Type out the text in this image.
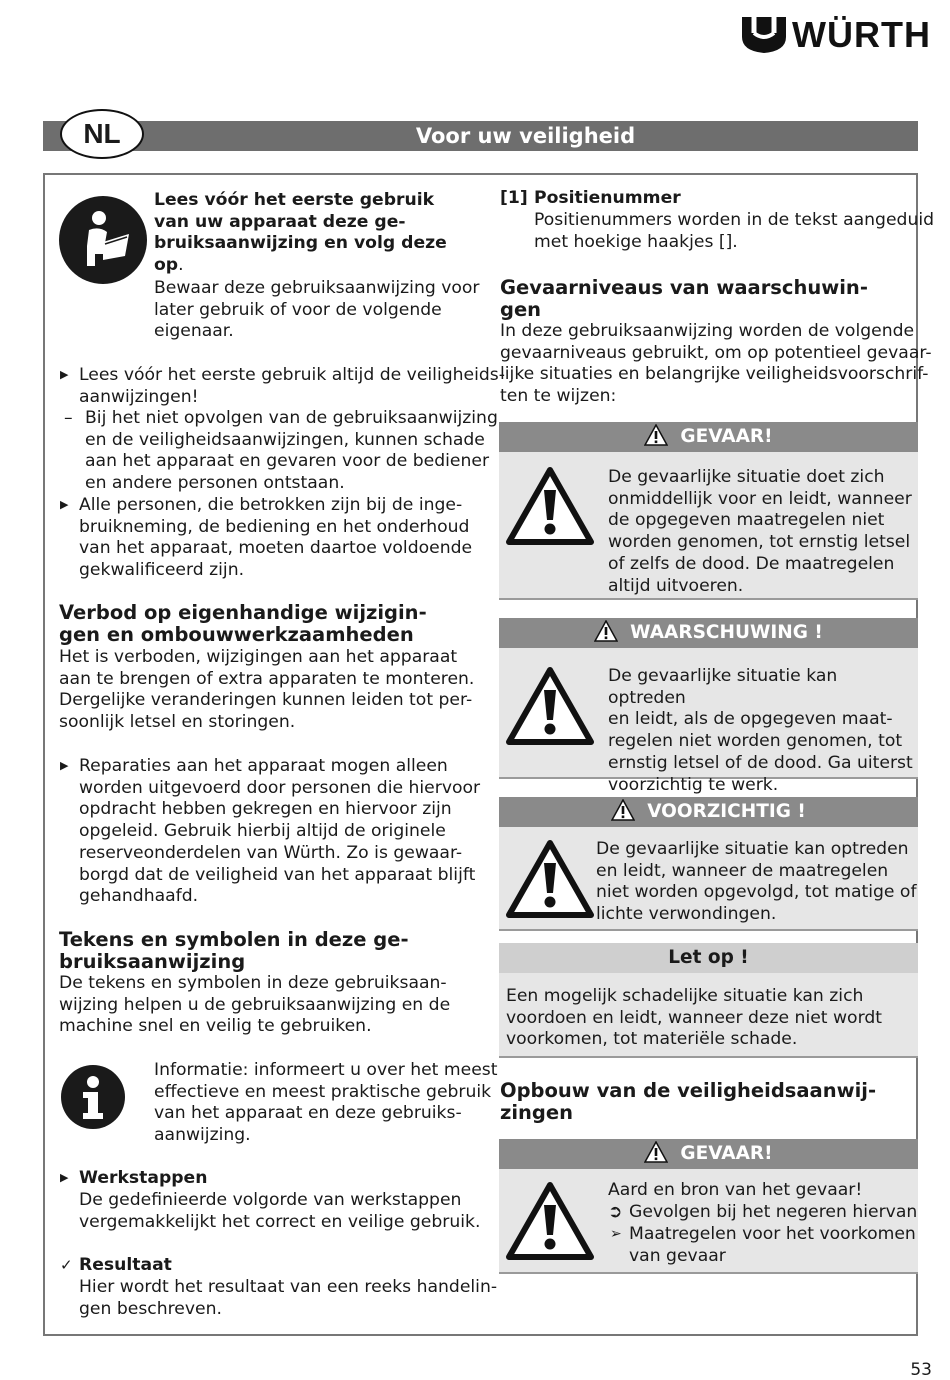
WÜRTH
Voor uw veiligheid
NL
Lees vóór het eerste gebruik
van uw apparaat deze ge-
bruiksaanwijzing en volg deze
op.
Bewaar deze gebruiksaanwijzing voor
later gebruik of voor de volgende
eigenaar.
▶ Lees vóór het eerste gebruik altijd de veiligheids-
aanwijzingen!
– Bij het niet opvolgen van de gebruiksaanwijzing
en de veiligheidsaanwijzingen, kunnen schade
aan het apparaat en gevaren voor de bediener
en andere personen ontstaan.
▶ Alle personen, die betrokken zijn bij de inge-
bruikneming, de bediening en het onderhoud
van het apparaat, moeten daartoe voldoende
gekwalificeerd zijn.
Verbod op eigenhandige wijzigin-
gen en ombouwwerkzaamheden
Het is verboden, wijzigingen aan het apparaat
aan te brengen of extra apparaten te monteren.
Dergelijke veranderingen kunnen leiden tot per-
soonlijk letsel en storingen.
▶ Reparaties aan het apparaat mogen alleen
worden uitgevoerd door personen die hiervoor
opdracht hebben gekregen en hiervoor zijn
opgeleid. Gebruik hierbij altijd de originele
reserveonderdelen van Würth. Zo is gewaar-
borgd dat de veiligheid van het apparaat blijft
gehandhaafd.
Tekens en symbolen in deze ge-
bruiksaanwijzing
De tekens en symbolen in deze gebruiksaan-
wijzing helpen u de gebruiksaanwijzing en de
machine snel en veilig te gebruiken.
Informatie: informeert u over het meest
effectieve en meest praktische gebruik
van het apparaat en deze gebruiks-
aanwijzing.
▶ Werkstappen
De gedefinieerde volgorde van werkstappen
vergemakkelijkt het correct en veilige gebruik.
✓ Resultaat
Hier wordt het resultaat van een reeks handelin-
gen beschreven.
[1] Positienummer
Positienummers worden in de tekst aangeduid
met hoekige haakjes [].
Gevaarniveaus van waarschuwin-
gen
In deze gebruiksaanwijzing worden de volgende
gevaarniveaus gebruikt, om op potentieel gevaar-
lijke situaties en belangrijke veiligheidsvoorschrif-
ten te wijzen:
GEVAAR!
De gevaarlijke situatie doet zich
onmiddellijk voor en leidt, wanneer
de opgegeven maatregelen niet
worden genomen, tot ernstig letsel
of zelfs de dood. De maatregelen
altijd uitvoeren.
WAARSCHUWING !
De gevaarlijke situatie kan optreden
en leidt, als de opgegeven maat-
regelen niet worden genomen, tot
ernstig letsel of de dood. Ga uiterst
voorzichtig te werk.
VOORZICHTIG !
De gevaarlijke situatie kan optreden
en leidt, wanneer de maatregelen
niet worden opgevolgd, tot matige of
lichte verwondingen.
Let op !
Een mogelijk schadelijke situatie kan zich
voordoen en leidt, wanneer deze niet wordt
voorkomen, tot materiële schade.
Opbouw van de veiligheidsaanwij-
zingen
GEVAAR!
Aard en bron van het gevaar!
➲ Gevolgen bij het negeren hiervan
➢ Maatregelen voor het voorkomen
van gevaar
53
